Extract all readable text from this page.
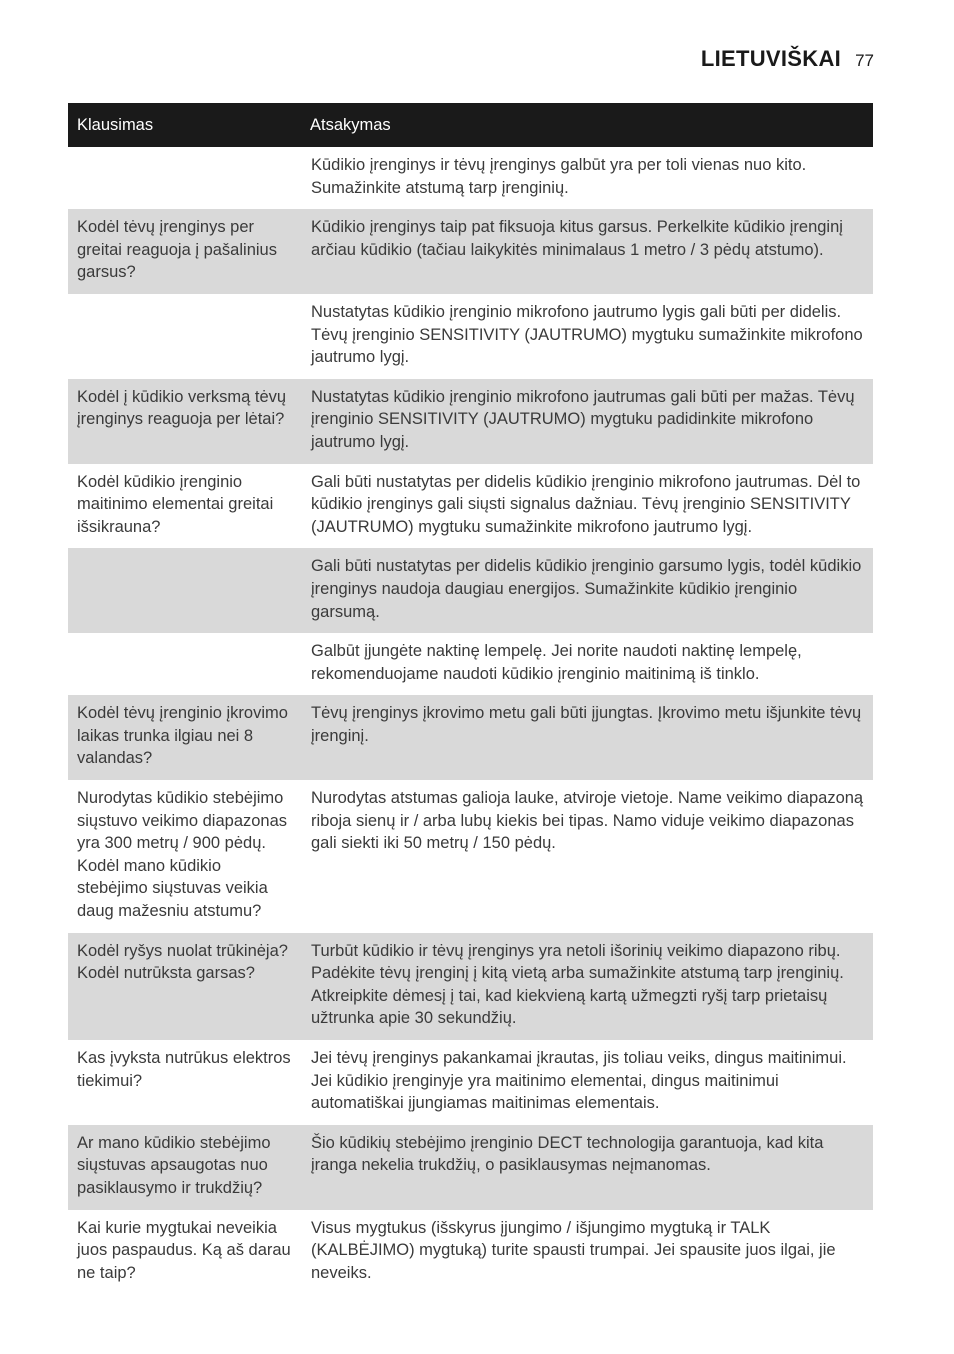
LIETUVIŠKAI 77
Klausimas	Atsakymas
	Kūdikio įrenginys ir tėvų įrenginys galbūt yra per toli vienas nuo kito. Sumažinkite atstumą tarp įrenginių.
Kodėl tėvų įrenginys per greitai reaguoja į pašalinius garsus?	Kūdikio įrenginys taip pat fiksuoja kitus garsus. Perkelkite kūdikio įrenginį arčiau kūdikio (tačiau laikykitės minimalaus 1 metro / 3 pėdų atstumo).
	Nustatytas kūdikio įrenginio mikrofono jautrumo lygis gali būti per didelis. Tėvų įrenginio SENSITIVITY (JAUTRUMO) mygtuku sumažinkite mikrofono jautrumo lygį.
Kodėl į kūdikio verksmą tėvų įrenginys reaguoja per lėtai?	Nustatytas kūdikio įrenginio mikrofono jautrumas gali būti per mažas. Tėvų įrenginio SENSITIVITY (JAUTRUMO) mygtuku padidinkite mikrofono jautrumo lygį.
Kodėl kūdikio įrenginio maitinimo elementai greitai išsikrauna?	Gali būti nustatytas per didelis kūdikio įrenginio mikrofono jautrumas. Dėl to kūdikio įrenginys gali siųsti signalus dažniau. Tėvų įrenginio SENSITIVITY (JAUTRUMO) mygtuku sumažinkite mikrofono jautrumo lygį.
	Gali būti nustatytas per didelis kūdikio įrenginio garsumo lygis, todėl kūdikio įrenginys naudoja daugiau energijos. Sumažinkite kūdikio įrenginio garsumą.
	Galbūt įjungėte naktinę lempelę. Jei norite naudoti naktinę lempelę, rekomenduojame naudoti kūdikio įrenginio maitinimą iš tinklo.
Kodėl tėvų įrenginio įkrovimo laikas trunka ilgiau nei 8 valandas?	Tėvų įrenginys įkrovimo metu gali būti įjungtas. Įkrovimo metu išjunkite tėvų įrenginį.
Nurodytas kūdikio stebėjimo siųstuvo veikimo diapazonas yra 300 metrų / 900 pėdų. Kodėl mano kūdikio stebėjimo siųstuvas veikia daug mažesniu atstumu?	Nurodytas atstumas galioja lauke, atviroje vietoje. Name veikimo diapazoną riboja sienų ir / arba lubų kiekis bei tipas. Namo viduje veikimo diapazonas gali siekti iki 50 metrų / 150 pėdų.
Kodėl ryšys nuolat trūkinėja? Kodėl nutrūksta garsas?	Turbūt kūdikio ir tėvų įrenginys yra netoli išorinių veikimo diapazono ribų. Padėkite tėvų įrenginį į kitą vietą arba sumažinkite atstumą tarp įrenginių. Atkreipkite dėmesį į tai, kad kiekvieną kartą užmegzti ryšį tarp prietaisų užtrunka apie 30 sekundžių.
Kas įvyksta nutrūkus elektros tiekimui?	Jei tėvų įrenginys pakankamai įkrautas, jis toliau veiks, dingus maitinimui. Jei kūdikio įrenginyje yra maitinimo elementai, dingus maitinimui automatiškai įjungiamas maitinimas elementais.
Ar mano kūdikio stebėjimo siųstuvas apsaugotas nuo pasiklausymo ir trukdžių?	Šio kūdikių stebėjimo įrenginio DECT technologija garantuoja, kad kita įranga nekelia trukdžių, o pasiklausymas neįmanomas.
Kai kurie mygtukai neveikia juos paspaudus. Ką aš darau ne taip?	Visus mygtukus (išskyrus įjungimo / išjungimo mygtuką ir TALK (KALBĖJIMO) mygtuką) turite spausti trumpai. Jei spausite juos ilgai, jie neveiks.
